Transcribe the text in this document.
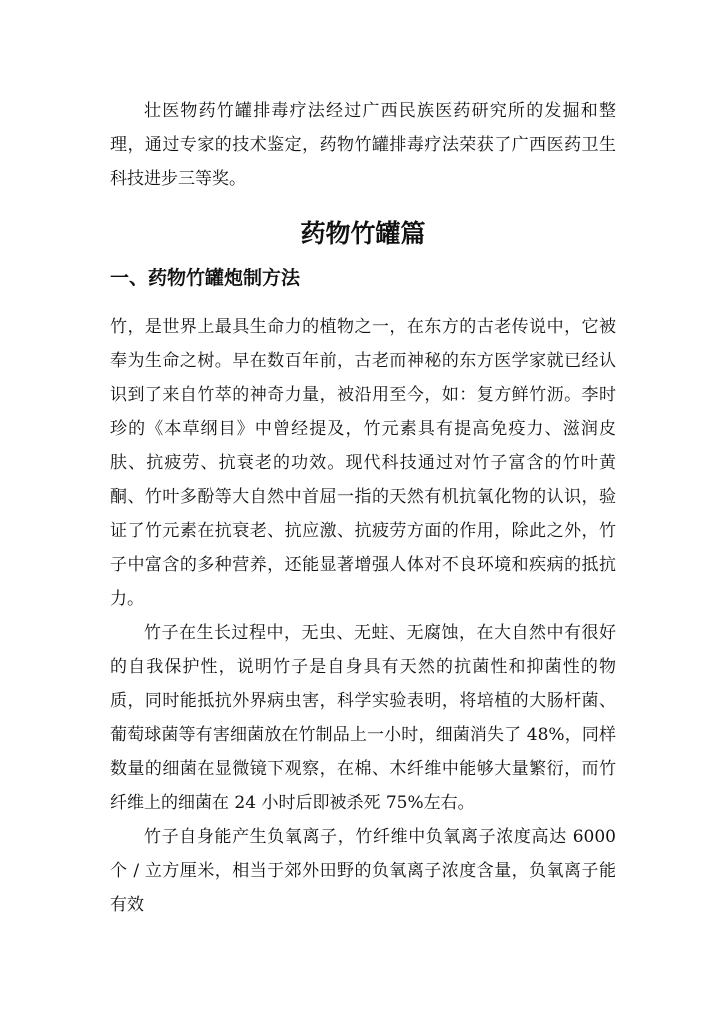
壮医物药竹罐排毒疗法经过广西民族医药研究所的发掘和整理，通过专家的技术鉴定，药物竹罐排毒疗法荣获了广西医药卫生科技进步三等奖。

药物竹罐篇
一、药物竹罐炮制方法

竹，是世界上最具生命力的植物之一，在东方的古老传说中，它被奉为生命之树。早在数百年前，古老而神秘的东方医学家就已经认识到了来自竹萃的神奇力量，被沿用至今，如：复方鲜竹沥。李时珍的《本草纲目》中曾经提及，竹元素具有提高免疫力、滋润皮肤、抗疲劳、抗衰老的功效。现代科技通过对竹子富含的竹叶黄酮、竹叶多酚等大自然中首屈一指的天然有机抗氧化物的认识，验证了竹元素在抗衰老、抗应激、抗疲劳方面的作用，除此之外，竹子中富含的多种营养，还能显著增强人体对不良环境和疾病的抵抗力。

竹子在生长过程中，无虫、无蛀、无腐蚀，在大自然中有很好的自我保护性，说明竹子是自身具有天然的抗菌性和抑菌性的物质，同时能抵抗外界病虫害，科学实验表明，将培植的大肠杆菌、葡萄球菌等有害细菌放在竹制品上一小时，细菌消失了 48%，同样数量的细菌在显微镜下观察，在棉、木纤维中能够大量繁衍，而竹纤维上的细菌在 24 小时后即被杀死 75%左右。

竹子自身能产生负氧离子，竹纤维中负氧离子浓度高达 6000 个 / 立方厘米，相当于郊外田野的负氧离子浓度含量，负氧离子能有效
